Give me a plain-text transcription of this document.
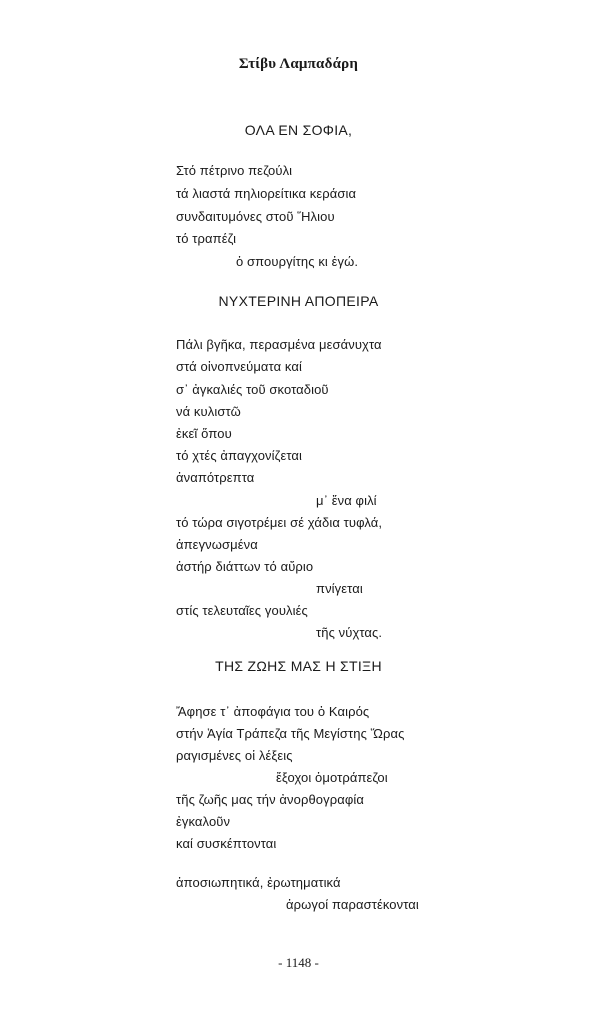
Στίβυ Λαμπαδάρη
ΟΛΑ ΕΝ ΣΟΦΙΑ,
Στό πέτρινο πεζούλι
τά λιαστά πηλιορείτικα κεράσια
συνδαιτυμόνες στοῦ Ἥλιου
τό τραπέζι
ὁ σπουργίτης κι ἐγώ.
ΝΥΧΤΕΡΙΝΗ ΑΠΟΠΕΙΡΑ
Πάλι βγῆκα, περασμένα μεσάνυχτα
στά οἰνοπνεύματα καί
σ᾽ ἀγκαλιές τοῦ σκοταδιοῦ
νά κυλιστῶ
ἐκεῖ ὅπου
τό χτές ἀπαγχονίζεται
ἀναπότρεπτα
μ᾽ ἕνα φιλί
τό τώρα σιγοτρέμει σέ χάδια τυφλά,
ἀπεγνωσμένα
ἀστήρ διάττων τό αὔριο
πνίγεται
στίς τελευταῖες γουλιές
τῆς νύχτας.
ΤΗΣ ΖΩΗΣ ΜΑΣ Η ΣΤΙΞΗ
Ἄφησε τ᾽ ἀποφάγια του ὁ Καιρός
στήν Ἁγία Τράπεζα τῆς Μεγίστης Ὥρας
ραγισμένες οἱ λέξεις
ἔξοχοι ὁμοτράπεζοι
τῆς ζωῆς μας τήν ἀνορθογραφία
ἐγκαλοῦν
καί συσκέπτονται
ἀποσιωπητικά, ἐρωτηματικά
ἀρωγοί παραστέκονται
- 1148 -
